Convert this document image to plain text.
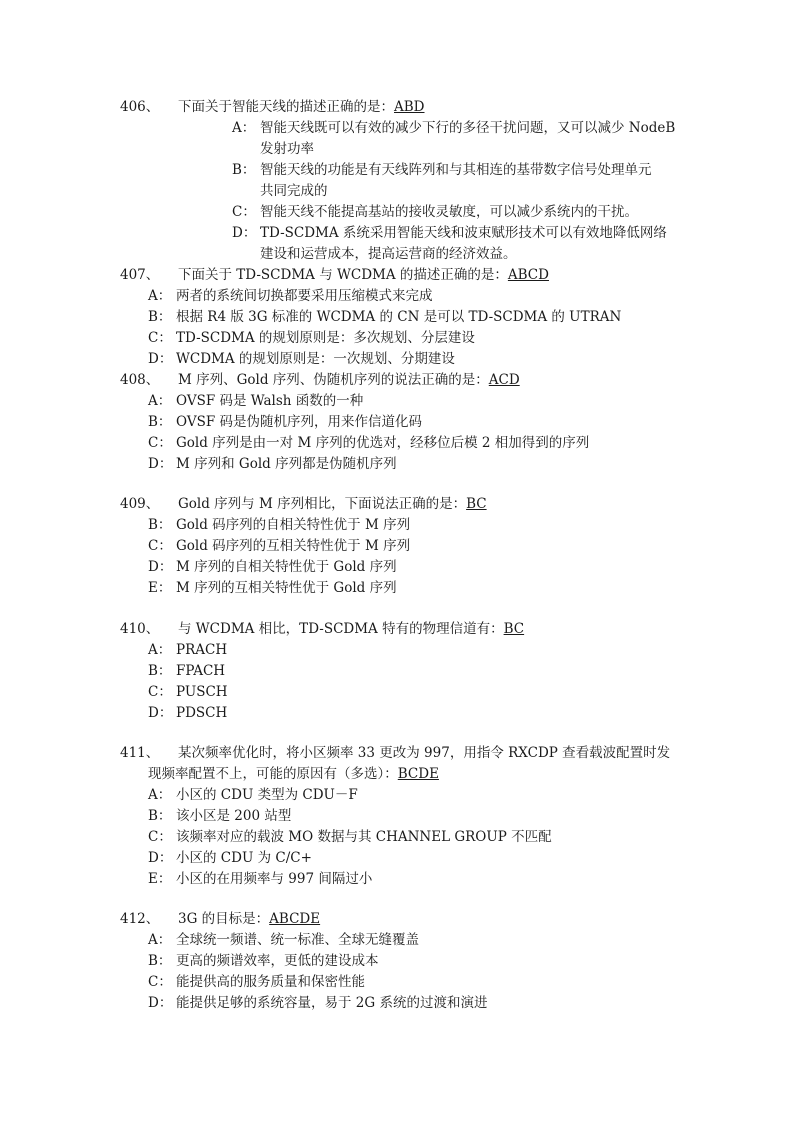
406、 下面关于智能天线的描述正确的是：ABD
A： 智能天线既可以有效的减少下行的多径干扰问题，又可以减少 NodeB
发射功率
B： 智能天线的功能是有天线阵列和与其相连的基带数字信号处理单元
共同完成的
C： 智能天线不能提高基站的接收灵敏度，可以减少系统内的干扰。
D： TD-SCDMA 系统采用智能天线和波束赋形技术可以有效地降低网络
建设和运营成本，提高运营商的经济效益。
407、 下面关于 TD-SCDMA 与 WCDMA 的描述正确的是：ABCD
A： 两者的系统间切换都要采用压缩模式来完成
B： 根据 R4 版 3G 标准的 WCDMA 的 CN 是可以 TD-SCDMA 的 UTRAN
C： TD-SCDMA 的规划原则是：多次规划、分层建设
D： WCDMA 的规划原则是：一次规划、分期建设
408、 M 序列、Gold 序列、伪随机序列的说法正确的是：ACD
A： OVSF 码是 Walsh 函数的一种
B： OVSF 码是伪随机序列，用来作信道化码
C： Gold 序列是由一对 M 序列的优选对，经移位后模 2 相加得到的序列
D： M 序列和 Gold 序列都是伪随机序列
409、 Gold 序列与 M 序列相比，下面说法正确的是：BC
B： Gold 码序列的自相关特性优于 M 序列
C： Gold 码序列的互相关特性优于 M 序列
D： M 序列的自相关特性优于 Gold 序列
E： M 序列的互相关特性优于 Gold 序列
410、 与 WCDMA 相比，TD-SCDMA 特有的物理信道有：BC
A： PRACH
B： FPACH
C： PUSCH
D： PDSCH
411、 某次频率优化时，将小区频率 33 更改为 997，用指令 RXCDP 查看载波配置时发
现频率配置不上，可能的原因有（多选）：BCDE
A： 小区的 CDU 类型为 CDU－F
B： 该小区是 200 站型
C： 该频率对应的载波 MO 数据与其 CHANNEL GROUP 不匹配
D： 小区的 CDU 为 C/C+
E： 小区的在用频率与 997 间隔过小
412、 3G 的目标是：ABCDE
A： 全球统一频谱、统一标准、全球无缝覆盖
B： 更高的频谱效率，更低的建设成本
C： 能提供高的服务质量和保密性能
D： 能提供足够的系统容量，易于 2G 系统的过渡和演进
